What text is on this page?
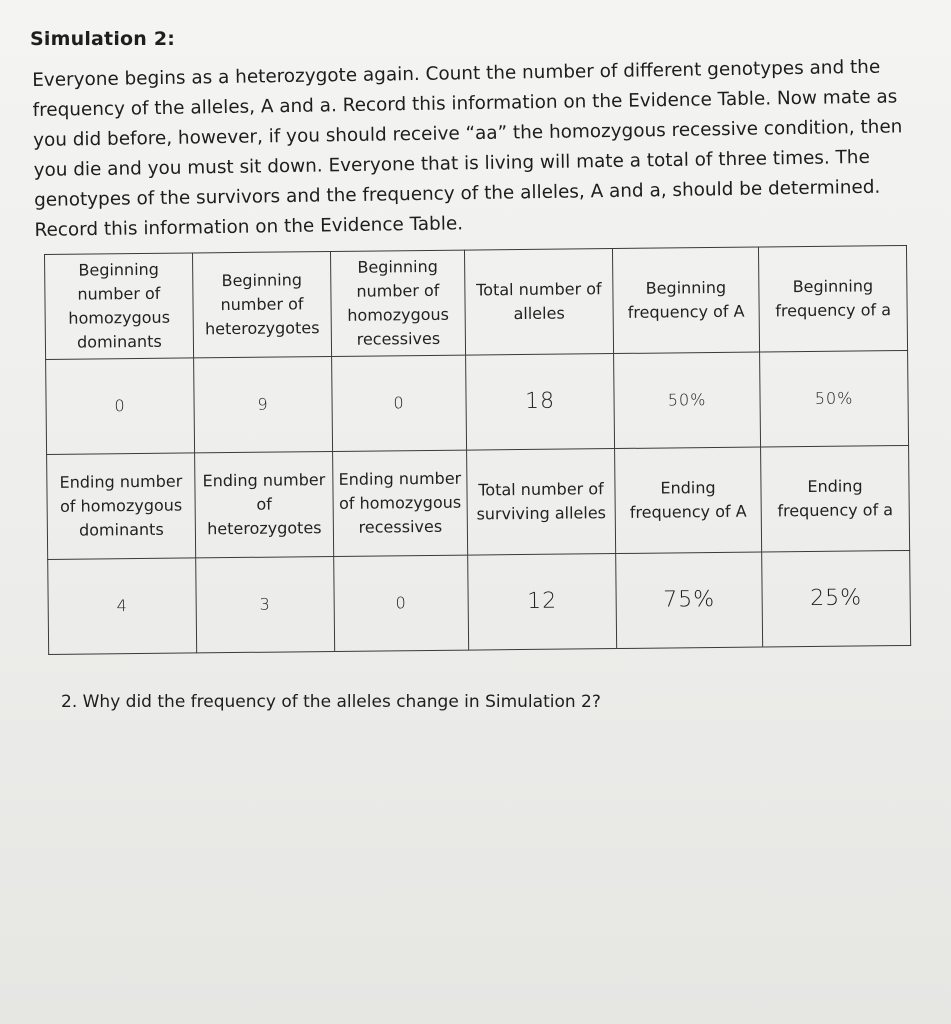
Simulation 2:

Everyone begins as a heterozygote again. Count the number of different genotypes and the frequency of the alleles, A and a. Record this information on the Evidence Table. Now mate as you did before, however, if you should receive “aa” the homozygous recessive condition, then you die and you must sit down. Everyone that is living will mate a total of three times. The genotypes of the survivors and the frequency of the alleles, A and a, should be determined. Record this information on the Evidence Table.

Beginning number of homozygous dominants	Beginning number of heterozygotes	Beginning number of homozygous recessives	Total number of alleles	Beginning frequency of A	Beginning frequency of a
0	9	0	18	50%	50%
Ending number of homozygous dominants	Ending number of heterozygotes	Ending number of homozygous recessives	Total number of surviving alleles	Ending frequency of A	Ending frequency of a
4	3	0	12	75%	25%
2. Why did the frequency of the alleles change in Simulation 2?
